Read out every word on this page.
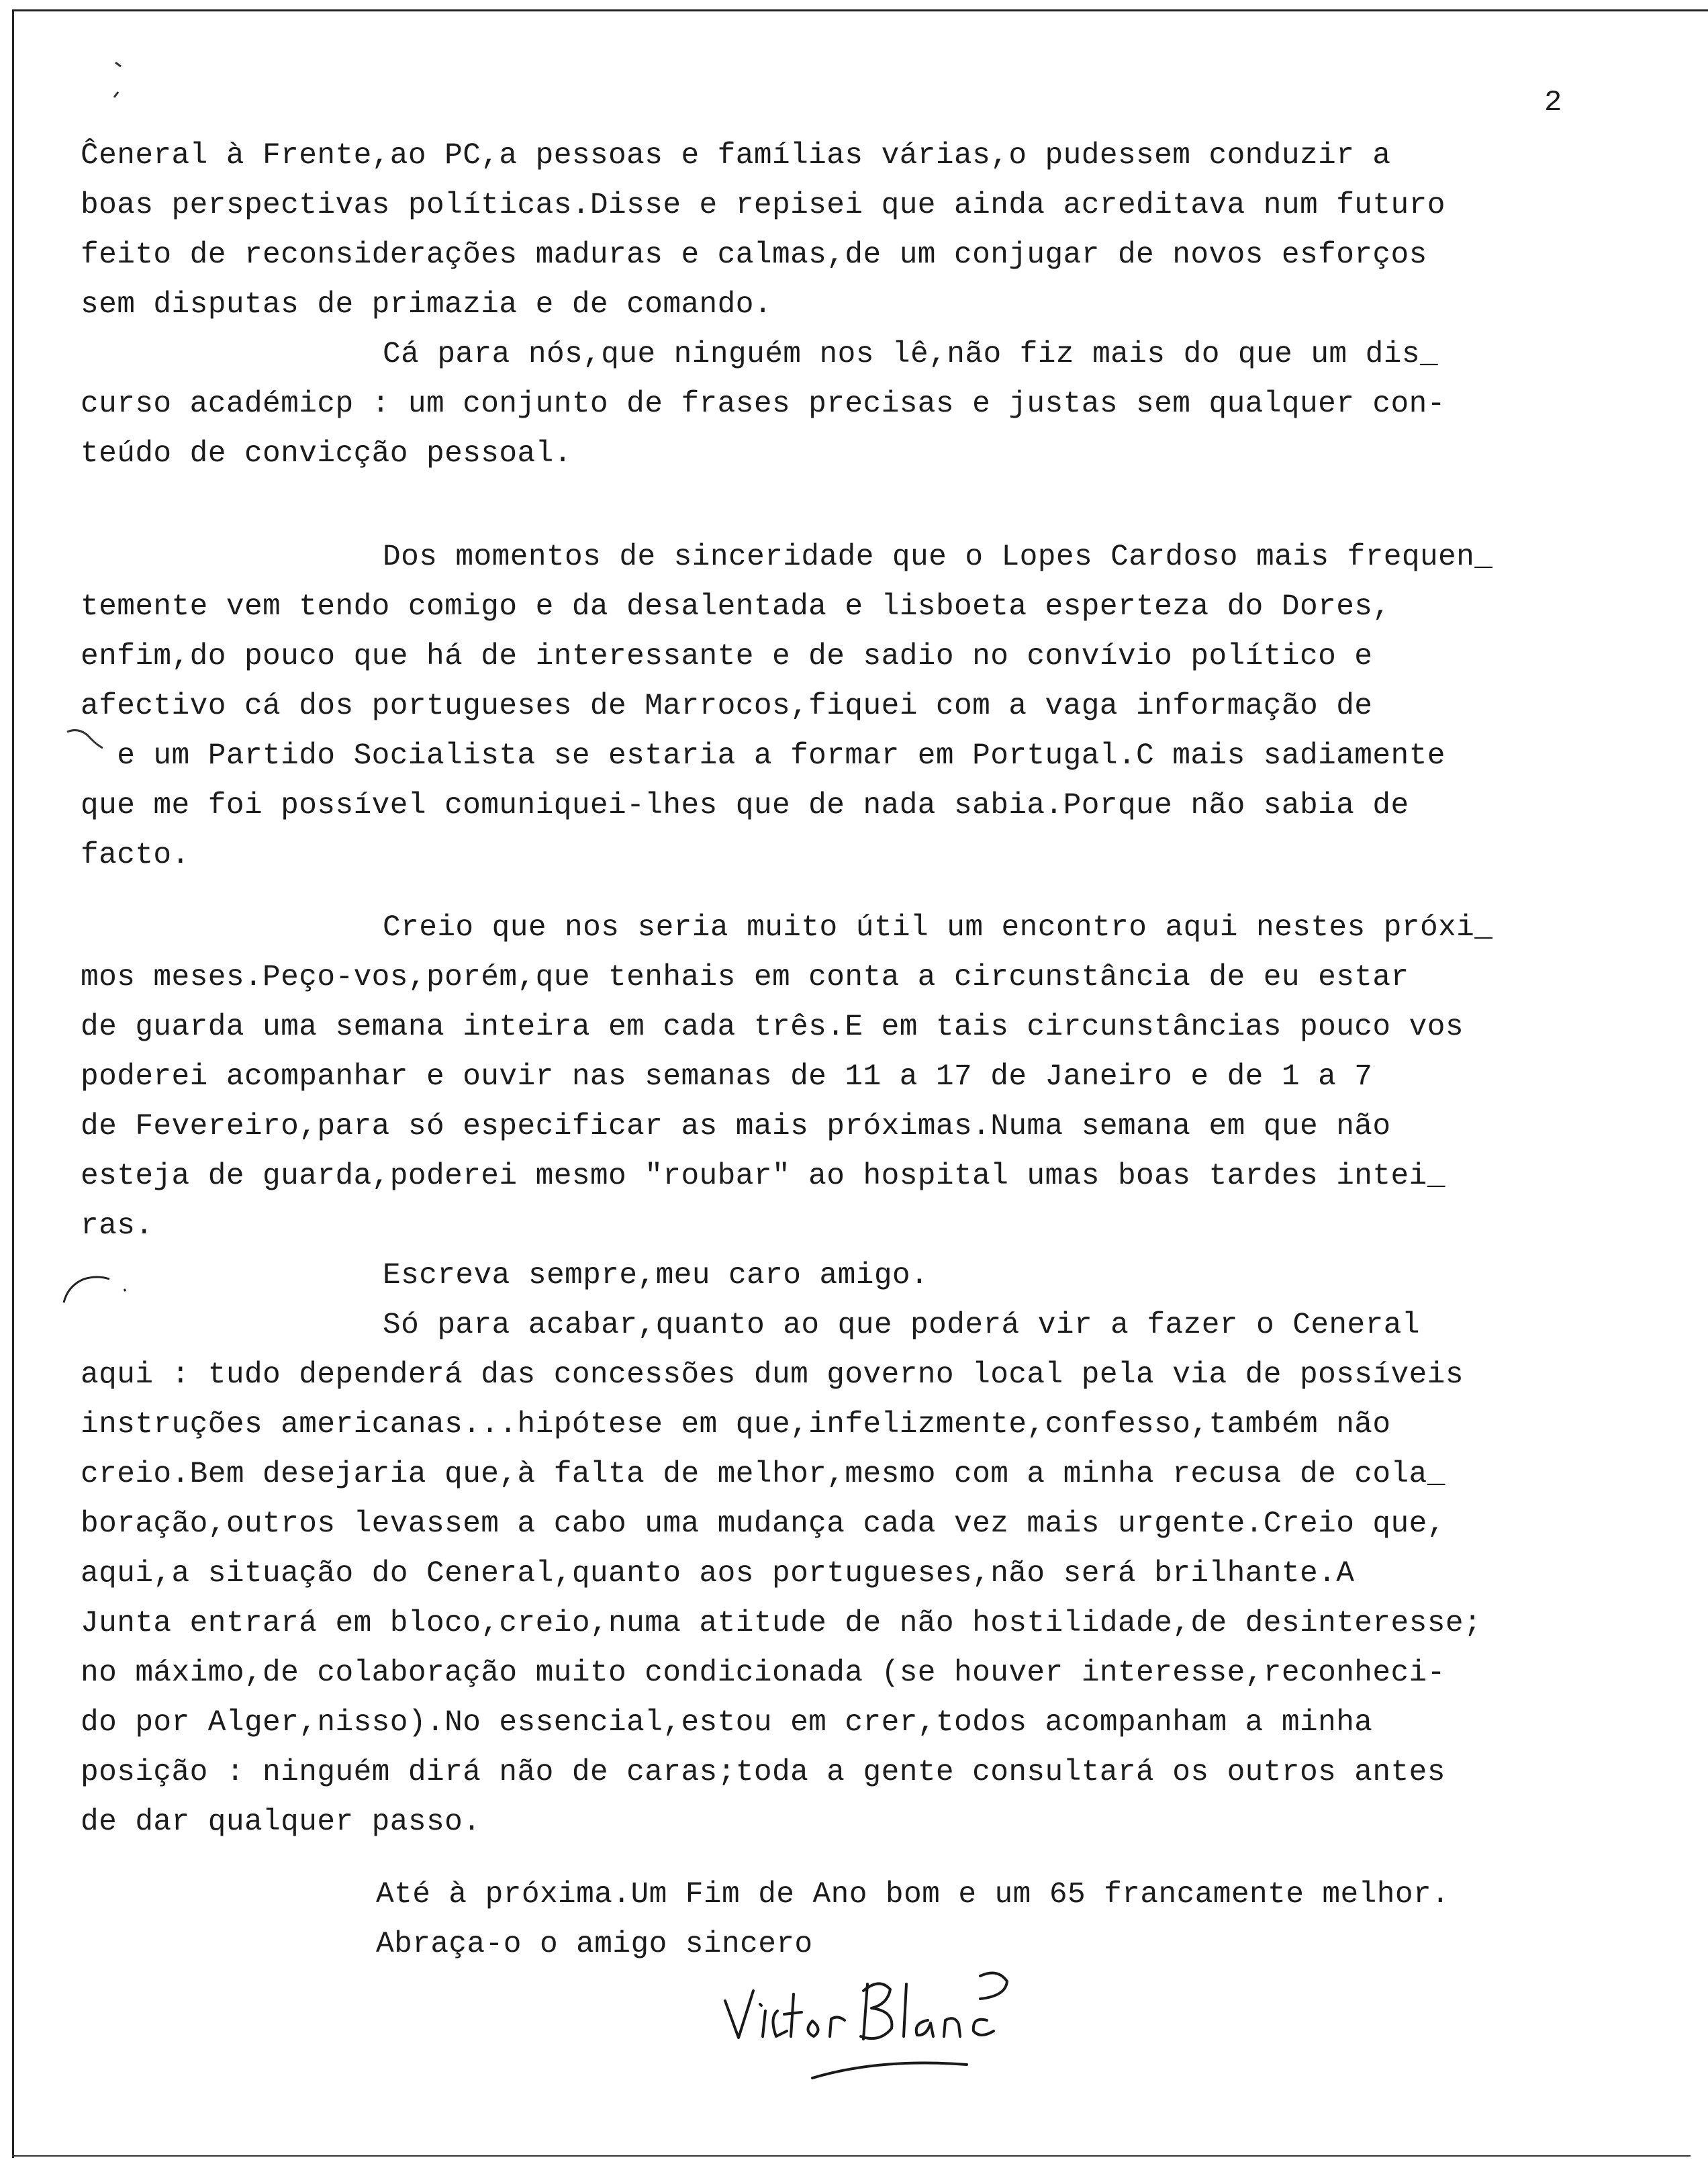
2
Ĉeneral à Frente,ao PC,a pessoas e famílias várias,o pudessem conduzir a
boas perspectivas políticas.Disse e repisei que ainda acreditava num futuro
feito de reconsiderações maduras e calmas,de um conjugar de novos esforços
sem disputas de primazia e de comando.
Cá para nós,que ninguém nos lê,não fiz mais do que um dis_
curso académicp : um conjunto de frases precisas e justas sem qualquer con-
teúdo de convicção pessoal.
Dos momentos de sinceridade que o Lopes Cardoso mais frequen_
temente vem tendo comigo e da desalentada e lisboeta esperteza do Dores,
enfim,do pouco que há de interessante e de sadio no convívio político e
afectivo cá dos portugueses de Marrocos,fiquei com a vaga informação de
e um Partido Socialista se estaria a formar em Portugal.C mais sadiamente
que me foi possível comuniquei-lhes que de nada sabia.Porque não sabia de
facto.
Creio que nos seria muito útil um encontro aqui nestes próxi_
mos meses.Peço-vos,porém,que tenhais em conta a circunstância de eu estar
de guarda uma semana inteira em cada três.E em tais circunstâncias pouco vos
poderei acompanhar e ouvir nas semanas de 11 a 17 de Janeiro e de 1 a 7
de Fevereiro,para só especificar as mais próximas.Numa semana em que não
esteja de guarda,poderei mesmo "roubar" ao hospital umas boas tardes intei_
ras.
Escreva sempre,meu caro amigo.
Só para acabar,quanto ao que poderá vir a fazer o Ceneral
aqui : tudo dependerá das concessões dum governo local pela via de possíveis
instruções americanas...hipótese em que,infelizmente,confesso,também não
creio.Bem desejaria que,à falta de melhor,mesmo com a minha recusa de cola_
boração,outros levassem a cabo uma mudança cada vez mais urgente.Creio que,
aqui,a situação do Ceneral,quanto aos portugueses,não será brilhante.A
Junta entrará em bloco,creio,numa atitude de não hostilidade,de desinteresse;
no máximo,de colaboração muito condicionada (se houver interesse,reconheci-
do por Alger,nisso).No essencial,estou em crer,todos acompanham a minha
posição : ninguém dirá não de caras;toda a gente consultará os outros antes
de dar qualquer passo.
Até à próxima.Um Fim de Ano bom e um 65 francamente melhor.
Abraça-o o amigo sincero
